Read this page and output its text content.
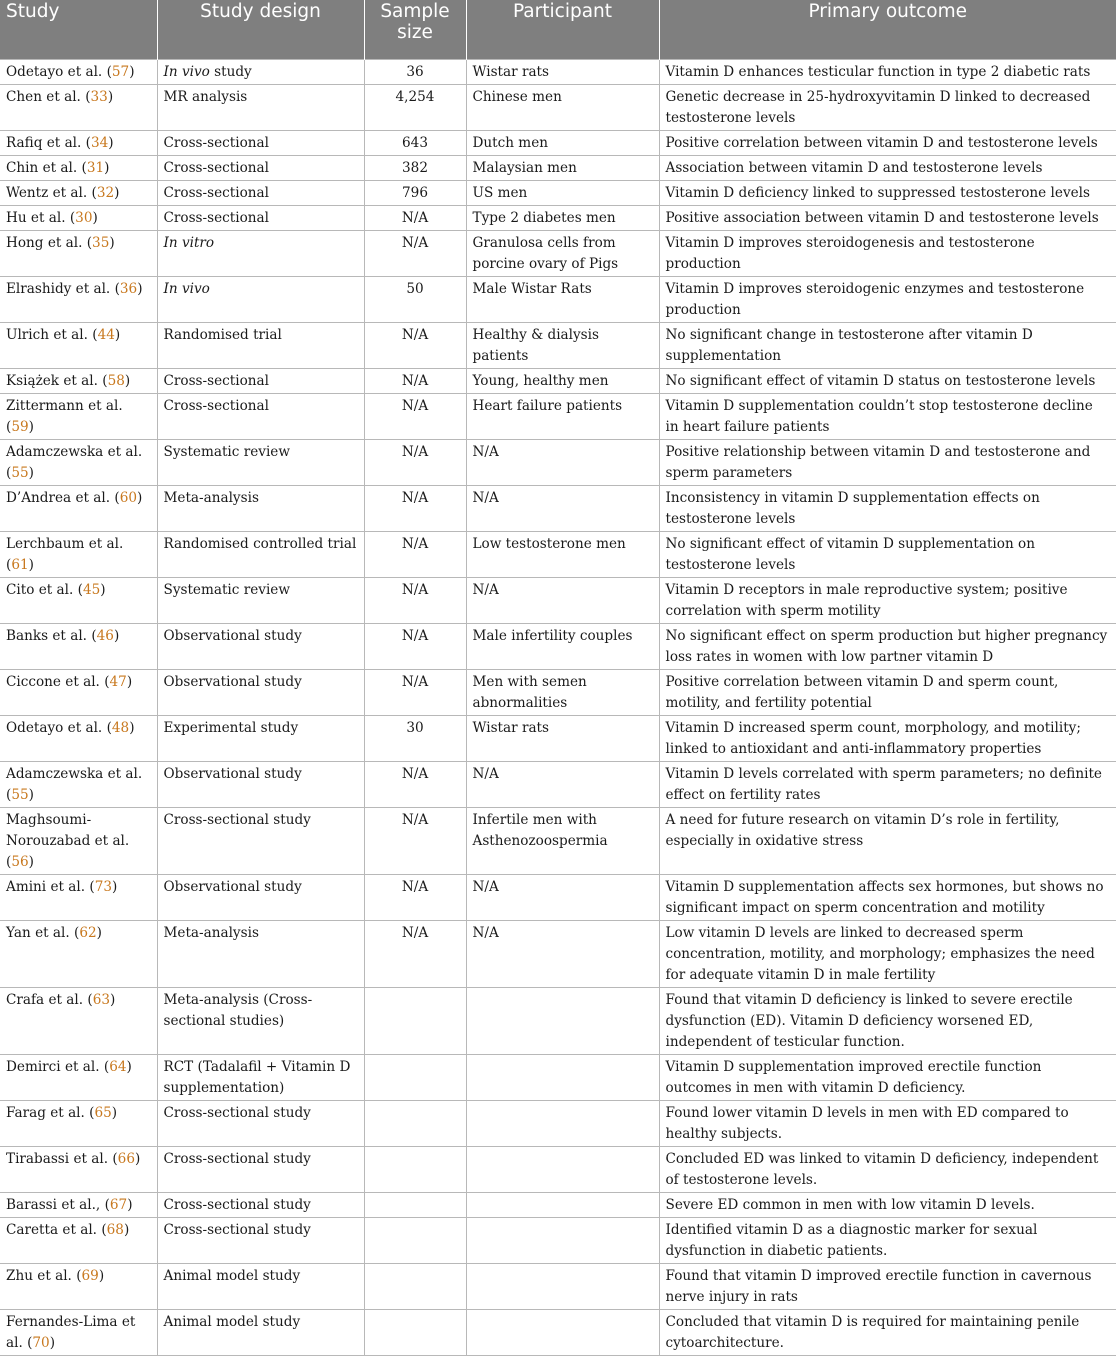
Study	Study design	Sample size	Participant	Primary outcome
Odetayo et al. (57)	In vivo study	36	Wistar rats	Vitamin D enhances testicular function in type 2 diabetic rats
Chen et al. (33)	MR analysis	4,254	Chinese men	Genetic decrease in 25-hydroxyvitamin D linked to decreased testosterone levels
Rafiq et al. (34)	Cross-sectional	643	Dutch men	Positive correlation between vitamin D and testosterone levels
Chin et al. (31)	Cross-sectional	382	Malaysian men	Association between vitamin D and testosterone levels
Wentz et al. (32)	Cross-sectional	796	US men	Vitamin D deficiency linked to suppressed testosterone levels
Hu et al. (30)	Cross-sectional	N/A	Type 2 diabetes men	Positive association between vitamin D and testosterone levels
Hong et al. (35)	In vitro	N/A	Granulosa cells from porcine ovary of Pigs	Vitamin D improves steroidogenesis and testosterone production
Elrashidy et al. (36)	In vivo	50	Male Wistar Rats	Vitamin D improves steroidogenic enzymes and testosterone production
Ulrich et al. (44)	Randomised trial	N/A	Healthy & dialysis patients	No significant change in testosterone after vitamin D supplementation
Książek et al. (58)	Cross-sectional	N/A	Young, healthy men	No significant effect of vitamin D status on testosterone levels
Zittermann et al. (59)	Cross-sectional	N/A	Heart failure patients	Vitamin D supplementation couldn’t stop testosterone decline in heart failure patients
Adamczewska et al. (55)	Systematic review	N/A	N/A	Positive relationship between vitamin D and testosterone and sperm parameters
D’Andrea et al. (60)	Meta-analysis	N/A	N/A	Inconsistency in vitamin D supplementation effects on testosterone levels
Lerchbaum et al. (61)	Randomised controlled trial	N/A	Low testosterone men	No significant effect of vitamin D supplementation on testosterone levels
Cito et al. (45)	Systematic review	N/A	N/A	Vitamin D receptors in male reproductive system; positive correlation with sperm motility
Banks et al. (46)	Observational study	N/A	Male infertility couples	No significant effect on sperm production but higher pregnancy loss rates in women with low partner vitamin D
Ciccone et al. (47)	Observational study	N/A	Men with semen abnormalities	Positive correlation between vitamin D and sperm count, motility, and fertility potential
Odetayo et al. (48)	Experimental study	30	Wistar rats	Vitamin D increased sperm count, morphology, and motility; linked to antioxidant and anti-inflammatory properties
Adamczewska et al. (55)	Observational study	N/A	N/A	Vitamin D levels correlated with sperm parameters; no definite effect on fertility rates
Maghsoumi-Norouzabad et al. (56)	Cross-sectional study	N/A	Infertile men with Asthenozoospermia	A need for future research on vitamin D’s role in fertility, especially in oxidative stress
Amini et al. (73)	Observational study	N/A	N/A	Vitamin D supplementation affects sex hormones, but shows no significant impact on sperm concentration and motility
Yan et al. (62)	Meta-analysis	N/A	N/A	Low vitamin D levels are linked to decreased sperm concentration, motility, and morphology; emphasizes the need for adequate vitamin D in male fertility
Crafa et al. (63)	Meta-analysis (Cross-sectional studies)			Found that vitamin D deficiency is linked to severe erectile dysfunction (ED). Vitamin D deficiency worsened ED, independent of testicular function.
Demirci et al. (64)	RCT (Tadalafil + Vitamin D supplementation)			Vitamin D supplementation improved erectile function outcomes in men with vitamin D deficiency.
Farag et al. (65)	Cross-sectional study			Found lower vitamin D levels in men with ED compared to healthy subjects.
Tirabassi et al. (66)	Cross-sectional study			Concluded ED was linked to vitamin D deficiency, independent of testosterone levels.
Barassi et al., (67)	Cross-sectional study			Severe ED common in men with low vitamin D levels.
Caretta et al. (68)	Cross-sectional study			Identified vitamin D as a diagnostic marker for sexual dysfunction in diabetic patients.
Zhu et al. (69)	Animal model study			Found that vitamin D improved erectile function in cavernous nerve injury in rats
Fernandes-Lima et al. (70)	Animal model study			Concluded that vitamin D is required for maintaining penile cytoarchitecture.
